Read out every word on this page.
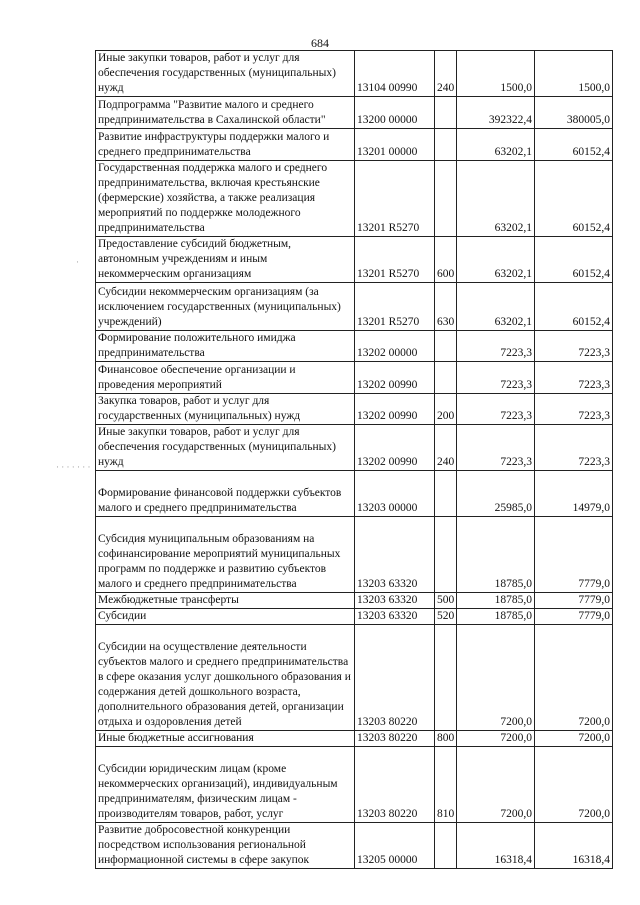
684
·
· · · · · · ·
Иные закупки товаров, работ и услуг для обеспечения государственных (муниципальных) нужд	13104 00990	240	1500,0	1500,0
Подпрограмма "Развитие малого и среднего предпринимательства в Сахалинской области"	13200 00000		392322,4	380005,0
Развитие инфраструктуры поддержки малого и среднего предпринимательства	13201 00000		63202,1	60152,4
Государственная поддержка малого и среднего предпринимательства, включая крестьянские (фермерские) хозяйства, а также реализация мероприятий по поддержке молодежного предпринимательства	13201 R5270		63202,1	60152,4
Предоставление субсидий бюджетным, автономным учреждениям и иным некоммерческим организациям	13201 R5270	600	63202,1	60152,4
Субсидии некоммерческим организациям (за исключением государственных (муниципальных) учреждений)	13201 R5270	630	63202,1	60152,4
Формирование положительного имиджа предпринимательства	13202 00000		7223,3	7223,3
Финансовое обеспечение организации и проведения мероприятий	13202 00990		7223,3	7223,3
Закупка товаров, работ и услуг для государственных (муниципальных) нужд	13202 00990	200	7223,3	7223,3
Иные закупки товаров, работ и услуг для обеспечения государственных (муниципальных) нужд	13202 00990	240	7223,3	7223,3
Формирование финансовой поддержки субъектов малого и среднего предпринимательства	13203 00000		25985,0	14979,0
Субсидия муниципальным образованиям на софинансирование мероприятий муниципальных программ по поддержке и развитию субъектов малого и среднего предпринимательства	13203 63320		18785,0	7779,0
Межбюджетные трансферты	13203 63320	500	18785,0	7779,0
Субсидии	13203 63320	520	18785,0	7779,0
Субсидии на осуществление деятельности субъектов малого и среднего предпринимательства в сфере оказания услуг дошкольного образования и содержания детей дошкольного возраста, дополнительного образования детей, организации отдыха и оздоровления детей	13203 80220		7200,0	7200,0
Иные бюджетные ассигнования	13203 80220	800	7200,0	7200,0
Субсидии юридическим лицам (кроме некоммерческих организаций), индивидуальным предпринимателям, физическим лицам - производителям товаров, работ, услуг	13203 80220	810	7200,0	7200,0
Развитие добросовестной конкуренции посредством использования региональной информационной системы в сфере закупок	13205 00000		16318,4	16318,4
